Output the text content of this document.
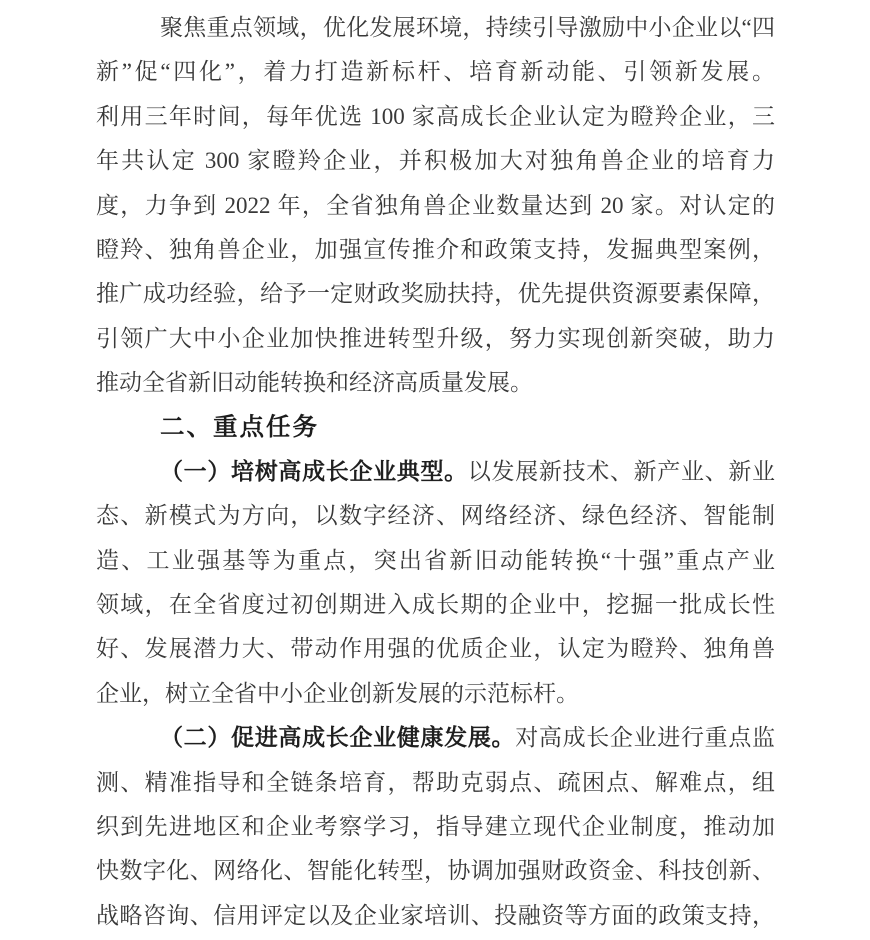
聚焦重点领域，优化发展环境，持续引导激励中小企业以“四
新”促“四化”，着力打造新标杆、培育新动能、引领新发展。
利用三年时间，每年优选 100 家高成长企业认定为瞪羚企业，三
年共认定 300 家瞪羚企业，并积极加大对独角兽企业的培育力
度，力争到 2022 年，全省独角兽企业数量达到 20 家。对认定的
瞪羚、独角兽企业，加强宣传推介和政策支持，发掘典型案例，
推广成功经验，给予一定财政奖励扶持，优先提供资源要素保障，
引领广大中小企业加快推进转型升级，努力实现创新突破，助力
推动全省新旧动能转换和经济高质量发展。
二、重点任务
（一）培树高成长企业典型。以发展新技术、新产业、新业
态、新模式为方向，以数字经济、网络经济、绿色经济、智能制
造、工业强基等为重点，突出省新旧动能转换“十强”重点产业
领域，在全省度过初创期进入成长期的企业中，挖掘一批成长性
好、发展潜力大、带动作用强的优质企业，认定为瞪羚、独角兽
企业，树立全省中小企业创新发展的示范标杆。
（二）促进高成长企业健康发展。对高成长企业进行重点监
测、精准指导和全链条培育，帮助克弱点、疏困点、解难点，组
织到先进地区和企业考察学习，指导建立现代企业制度，推动加
快数字化、网络化、智能化转型，协调加强财政资金、科技创新、
战略咨询、信用评定以及企业家培训、投融资等方面的政策支持，
